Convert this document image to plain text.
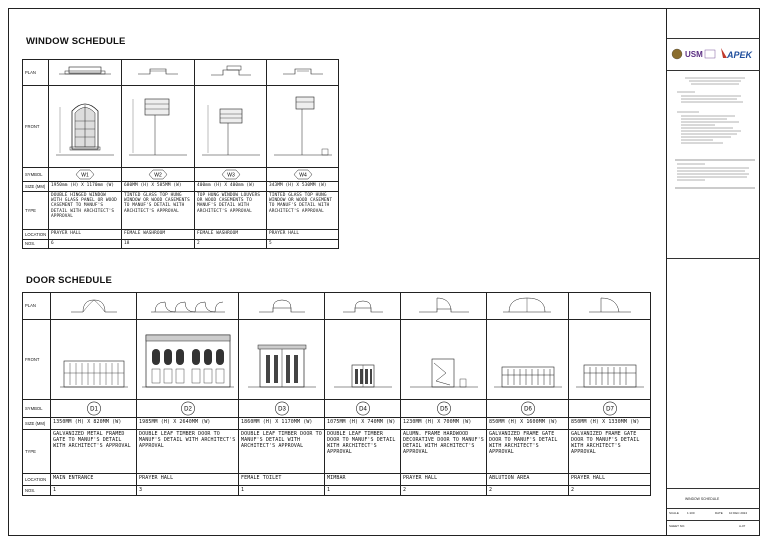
WINDOW SCHEDULE
PLAN				
FRONT				
SYMBOL	W1	W2	W3	W4

SIZE (MM)	1950mm (H) X 1170mm (W)	680MM (H) X 585MM (W)	400mm (H) X 400mm (W)	343MM (H) X 530MM (W)
TYPE	DOUBLE HINGED WINDOW WITH GLASS PANEL OR WOOD CASEMENT TO MANUF'S DETAIL WITH ARCHITECT'S APPROVAL	TINTED GLASS TOP HUNG WINDOW OR WOOD CASEMENTS TO MANUF'S DETAIL WITH ARCHITECT'S APPROVAL	TOP HUNG WINDOW LOUVERS OR WOOD CASEMENTS TO MANUF'S DETAIL WITH ARCHITECT'S APPROVAL	TINTED GLASS TOP HUNG WINDOW OR WOOD CASEMENT TO MANUF'S DETAIL WITH ARCHITECT'S APPROVAL
LOCATION	PRAYER HALL	FEMALE WASHROOM	FEMALE WASHROOM	PRAYER HALL
NOS.	6	18	2	5
DOOR SCHEDULE
PLAN							
FRONT							
SYMBOL	D1	D2	D3	D4	D5	D6	D7

SIZE (MM)	1350MM (H) X 820MM (W)	1985MM (H) X 2640MM (W)	1860MM (H) X 1170MM (W)	1075MM (H) X 740MM (W)	1230MM (H) X 700MM (W)	850MM (H) X 1600MM (W)	850MM (H) X 1330MM (W)
TYPE	GALVANIZED METAL FRAMED GATE TO MANUF'S DETAIL WITH ARCHITECT'S APPROVAL	DOUBLE LEAF TIMBER DOOR TO MANUF'S DETAIL WITH ARCHITECT'S APPROVAL	DOUBLE LEAF TIMBER DOOR TO MANUF'S DETAIL WITH ARCHITECT'S APPROVAL	DOUBLE LEAF TIMBER DOOR TO MANUF'S DETAIL WITH ARCHITECT'S APPROVAL	ALUMN. FRAME HARDWOOD DECORATIVE DOOR TO MANUF'S DETAIL WITH ARCHITECT'S APPROVAL	GALVANIZED FRAME GATE DOOR TO MANUF'S DETAIL WITH ARCHITECT'S APPROVAL	GALVANIZED FRAME GATE DOOR TO MANUF'S DETAIL WITH ARCHITECT'S APPROVAL
LOCATION	MAIN ENTRANCE	PRAYER HALL	FEMALE TOILET	MIMBAR	PRAYER HALL	ABLUTION AREA	PRAYER HALL
NOS.	1	3	1	1	2	2	2
USM	APEK
WINDOW SCHEDULE
SCALE	1:100	DATE 10 DEC 2024
SHEET NO.	A-07
